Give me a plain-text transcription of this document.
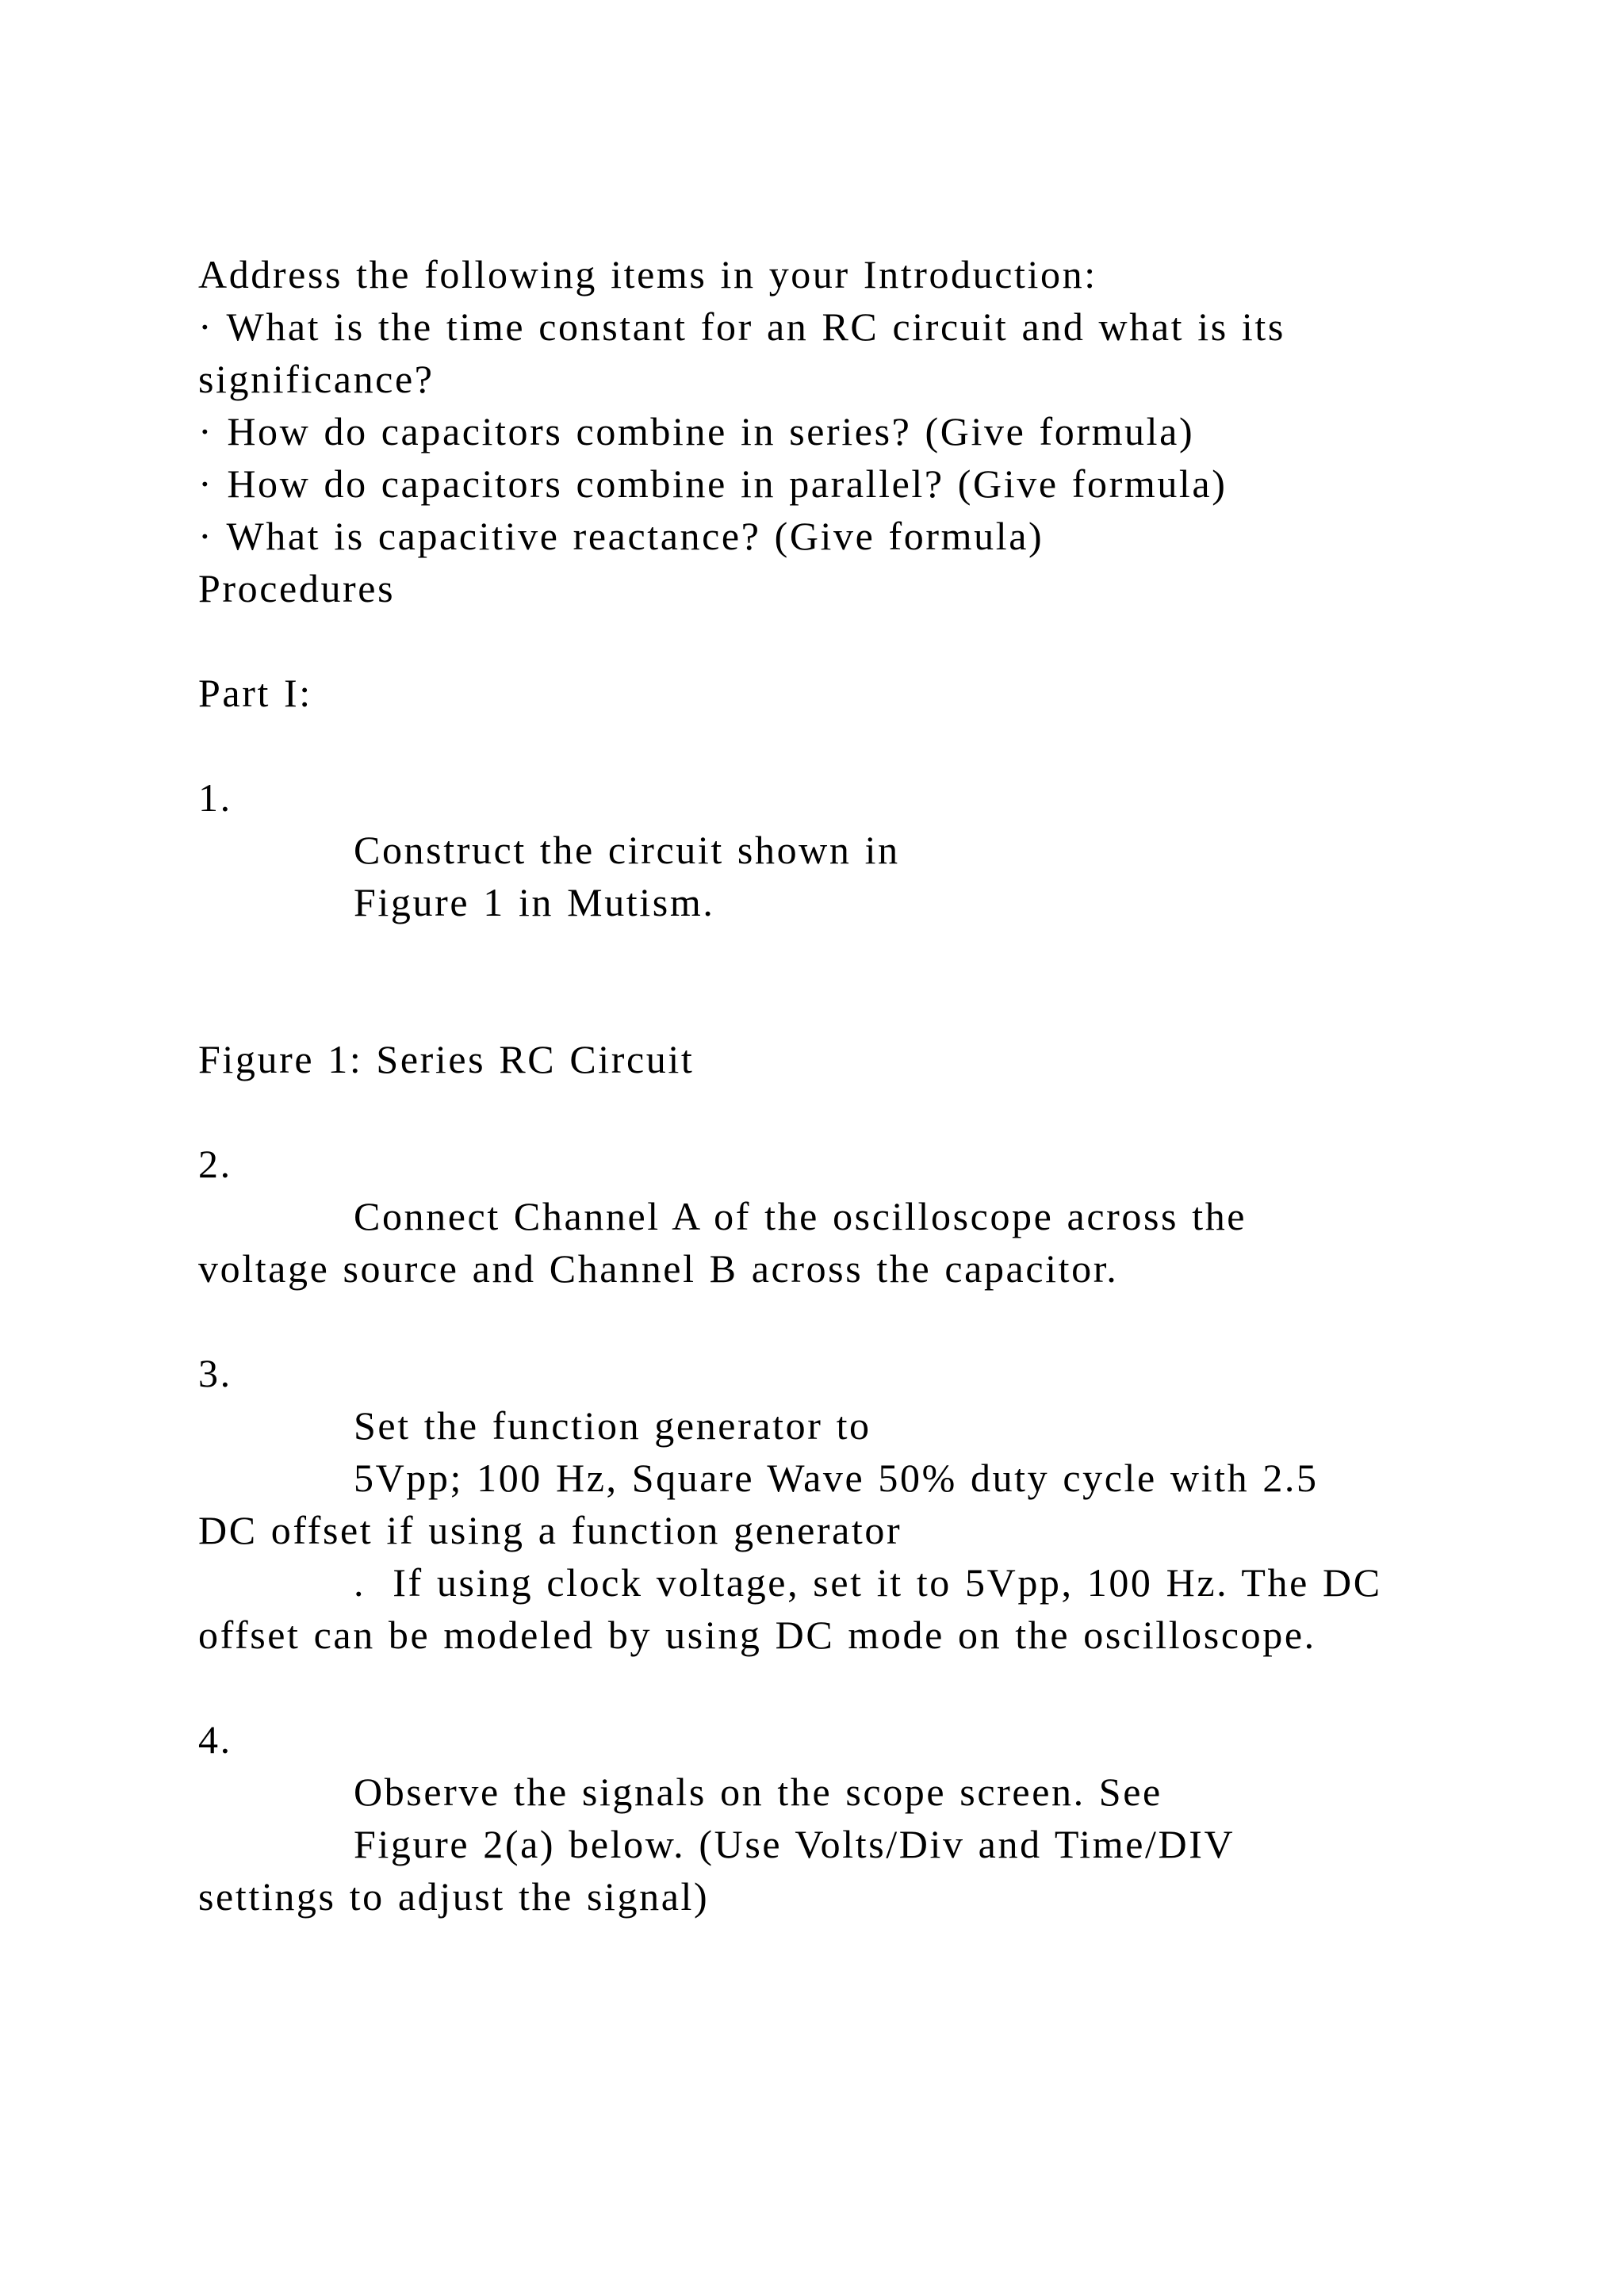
Address the following items in your Introduction:
· What is the time constant for an RC circuit and what is its
significance?
· How do capacitors combine in series? (Give formula)
· How do capacitors combine in parallel? (Give formula)
· What is capacitive reactance? (Give formula)
Procedures
Part I:
1.
Construct the circuit shown in
Figure 1 in Mutism.
Figure 1: Series RC Circuit
2.
Connect Channel A of the oscilloscope across the
voltage source and Channel B across the capacitor.
3.
Set the function generator to
5Vpp; 100 Hz, Square Wave 50% duty cycle with 2.5
DC offset if using a function generator
.  If using clock voltage, set it to 5Vpp, 100 Hz. The DC
offset can be modeled by using DC mode on the oscilloscope.
4.
Observe the signals on the scope screen. See
Figure 2(a) below. (Use Volts/Div and Time/DIV
settings to adjust the signal)
